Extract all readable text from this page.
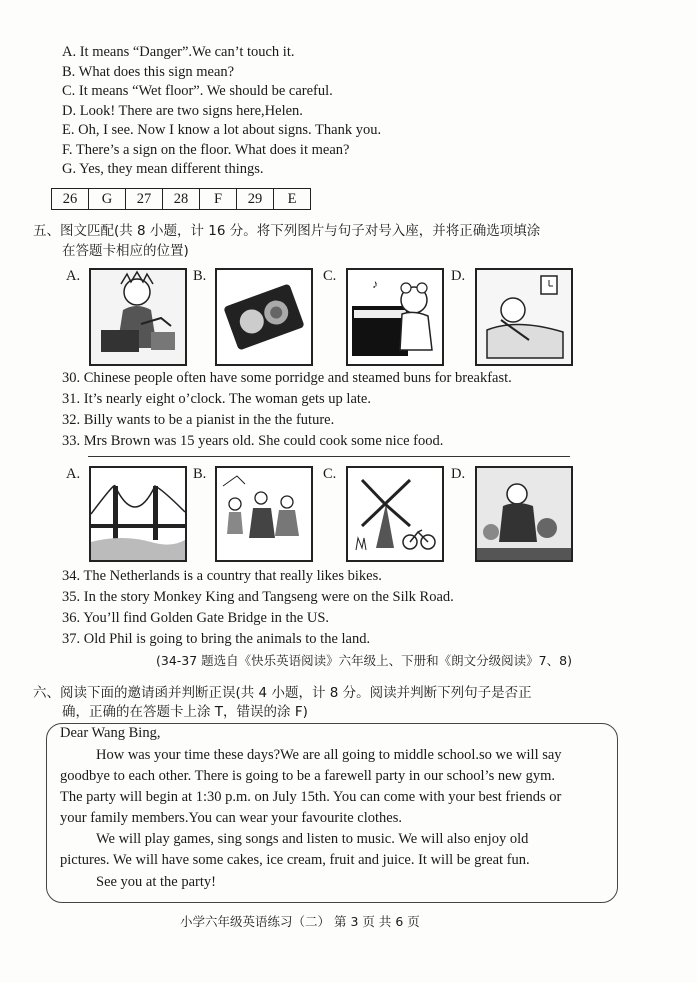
A. It means “Danger”.We can’t touch it.
B. What does this sign mean?
C. It means “Wet floor”. We should be careful.
D. Look! There are two signs here,Helen.
E. Oh, I see. Now I know a lot about signs. Thank you.
F. There’s a sign on the floor. What does it mean?
G. Yes, they mean different things.
26	G	27	28	F	29	E
五、图文匹配(共 8 小题，计 16 分。将下列图片与句子对号入座，并将正确选项填涂
在答题卡相应的位置)
A.	B.	C.	♪	D.
30. Chinese people often have some porridge and steamed buns for breakfast.
31. It’s nearly eight o’clock. The woman gets up late.
32. Billy wants to be a pianist in the the future.
33. Mrs Brown was 15 years old. She could cook some nice food.
A.	B.	C.	D.
34. The Netherlands is a country that really likes bikes.
35. In the story Monkey King and Tangseng were on the Silk Road.
36. You’ll find Golden Gate Bridge in the US.
37. Old Phil is going to bring the animals to the land.
(34-37 题选自《快乐英语阅读》六年级上、下册和《朗文分级阅读》7、8)
六、阅读下面的邀请函并判断正误(共 4 小题，计 8 分。阅读并判断下列句子是否正
确，正确的在答题卡上涂 T，错误的涂 F)
Dear Wang Bing,
How was your time these days?We are all going to middle school.so we will say
goodbye to each other. There is going to be a farewell party in our school’s new gym.
The party will begin at 1:30 p.m. on July 15th. You can come with your best friends or
your family members.You can wear your favourite clothes.
We will play games, sing songs and listen to music. We will also enjoy old
pictures. We will have some cakes, ice cream, fruit and juice. It will be great fun.
See you at the party!
小学六年级英语练习（二） 第 3 页 共 6 页
